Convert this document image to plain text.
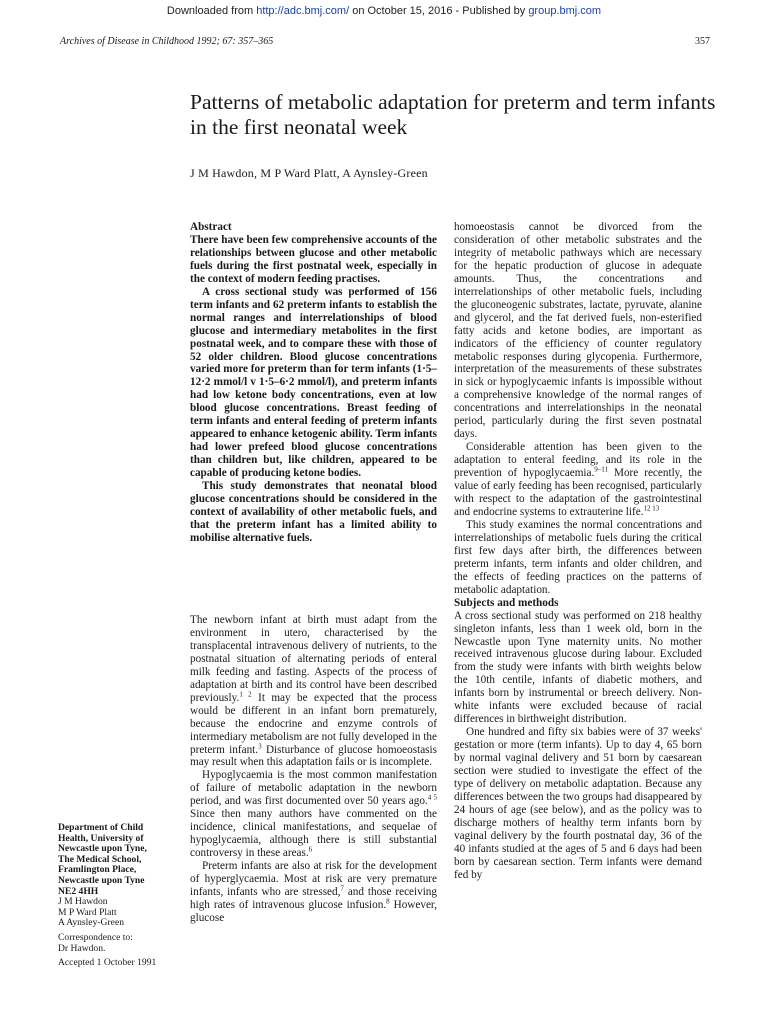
Downloaded from http://adc.bmj.com/ on October 15, 2016 - Published by group.bmj.com
Archives of Disease in Childhood 1992; 67: 357–365	357
Patterns of metabolic adaptation for preterm and term infants in the first neonatal week
J M Hawdon, M P Ward Platt, A Aynsley-Green

Abstract

There have been few comprehensive accounts of the relationships between glucose and other metabolic fuels during the first postnatal week, especially in the context of modern feeding practises.

A cross sectional study was performed of 156 term infants and 62 preterm infants to establish the normal ranges and interrelationships of blood glucose and intermediary metabolites in the first postnatal week, and to compare these with those of 52 older children. Blood glucose concentrations varied more for preterm than for term infants (1·5–12·2 mmol/l v 1·5–6·2 mmol/l), and preterm infants had low ketone body concentrations, even at low blood glucose concentrations. Breast feeding of term infants and enteral feeding of preterm infants appeared to enhance ketogenic ability. Term infants had lower prefeed blood glucose concentrations than children but, like children, appeared to be capable of producing ketone bodies.

This study demonstrates that neonatal blood glucose concentrations should be considered in the context of availability of other metabolic fuels, and that the preterm infant has a limited ability to mobilise alternative fuels.

The newborn infant at birth must adapt from the environment in utero, characterised by the transplacental intravenous delivery of nutrients, to the postnatal situation of alternating periods of enteral milk feeding and fasting. Aspects of the process of adaptation at birth and its control have been described previously.$^{1 2}$ It may be expected that the process would be different in an infant born prematurely, because the endocrine and enzyme controls of intermediary metabolism are not fully developed in the preterm infant.$^3$ Disturbance of glucose homoeostasis may result when this adaptation fails or is incomplete.

Hypoglycaemia is the most common manifestation of failure of metabolic adaptation in the newborn period, and was first documented over 50 years ago.$^{4 5}$ Since then many authors have commented on the incidence, clinical manifestations, and sequelae of hypoglycaemia, although there is still substantial controversy in these areas.$^6$

Preterm infants are also at risk for the development of hyperglycaemia. Most at risk are very premature infants, infants who are stressed,$^7$ and those receiving high rates of intravenous glucose infusion.$^8$ However, glucose

homoeostasis cannot be divorced from the consideration of other metabolic substrates and the integrity of metabolic pathways which are necessary for the hepatic production of glucose in adequate amounts. Thus, the concentrations and interrelationships of other metabolic fuels, including the gluconeogenic substrates, lactate, pyruvate, alanine and glycerol, and the fat derived fuels, non-esterified fatty acids and ketone bodies, are important as indicators of the efficiency of counter regulatory metabolic responses during glycopenia. Furthermore, interpretation of the measurements of these substrates in sick or hypoglycaemic infants is impossible without a comprehensive knowledge of the normal ranges of concentrations and interrelationships in the neonatal period, particularly during the first seven postnatal days.

Considerable attention has been given to the adaptation to enteral feeding, and its role in the prevention of hypoglycaemia.$^{9-11}$ More recently, the value of early feeding has been recognised, particularly with respect to the adaptation of the gastrointestinal and endocrine systems to extrauterine life.$^{12 13}$

This study examines the normal concentrations and interrelationships of metabolic fuels during the critical first few days after birth, the differences between preterm infants, term infants and older children, and the effects of feeding practices on the patterns of metabolic adaptation.

Subjects and methods

A cross sectional study was performed on 218 healthy singleton infants, less than 1 week old, born in the Newcastle upon Tyne maternity units. No mother received intravenous glucose during labour. Excluded from the study were infants with birth weights below the 10th centile, infants of diabetic mothers, and infants born by instrumental or breech delivery. Non-white infants were excluded because of racial differences in birthweight distribution.

One hundred and fifty six babies were of 37 weeks' gestation or more (term infants). Up to day 4, 65 born by normal vaginal delivery and 51 born by caesarean section were studied to investigate the effect of the type of delivery on metabolic adaptation. Because any differences between the two groups had disappeared by 24 hours of age (see below), and as the policy was to discharge mothers of healthy term infants born by vaginal delivery by the fourth postnatal day, 36 of the 40 infants studied at the ages of 5 and 6 days had been born by caesarean section. Term infants were demand fed by

Department of Child
Health, University of
Newcastle upon Tyne,
The Medical School,
Framlington Place,
Newcastle upon Tyne
NE2 4HH
J M Hawdon
M P Ward Platt
A Aynsley-Green
Correspondence to:
Dr Hawdon.
Accepted 1 October 1991
